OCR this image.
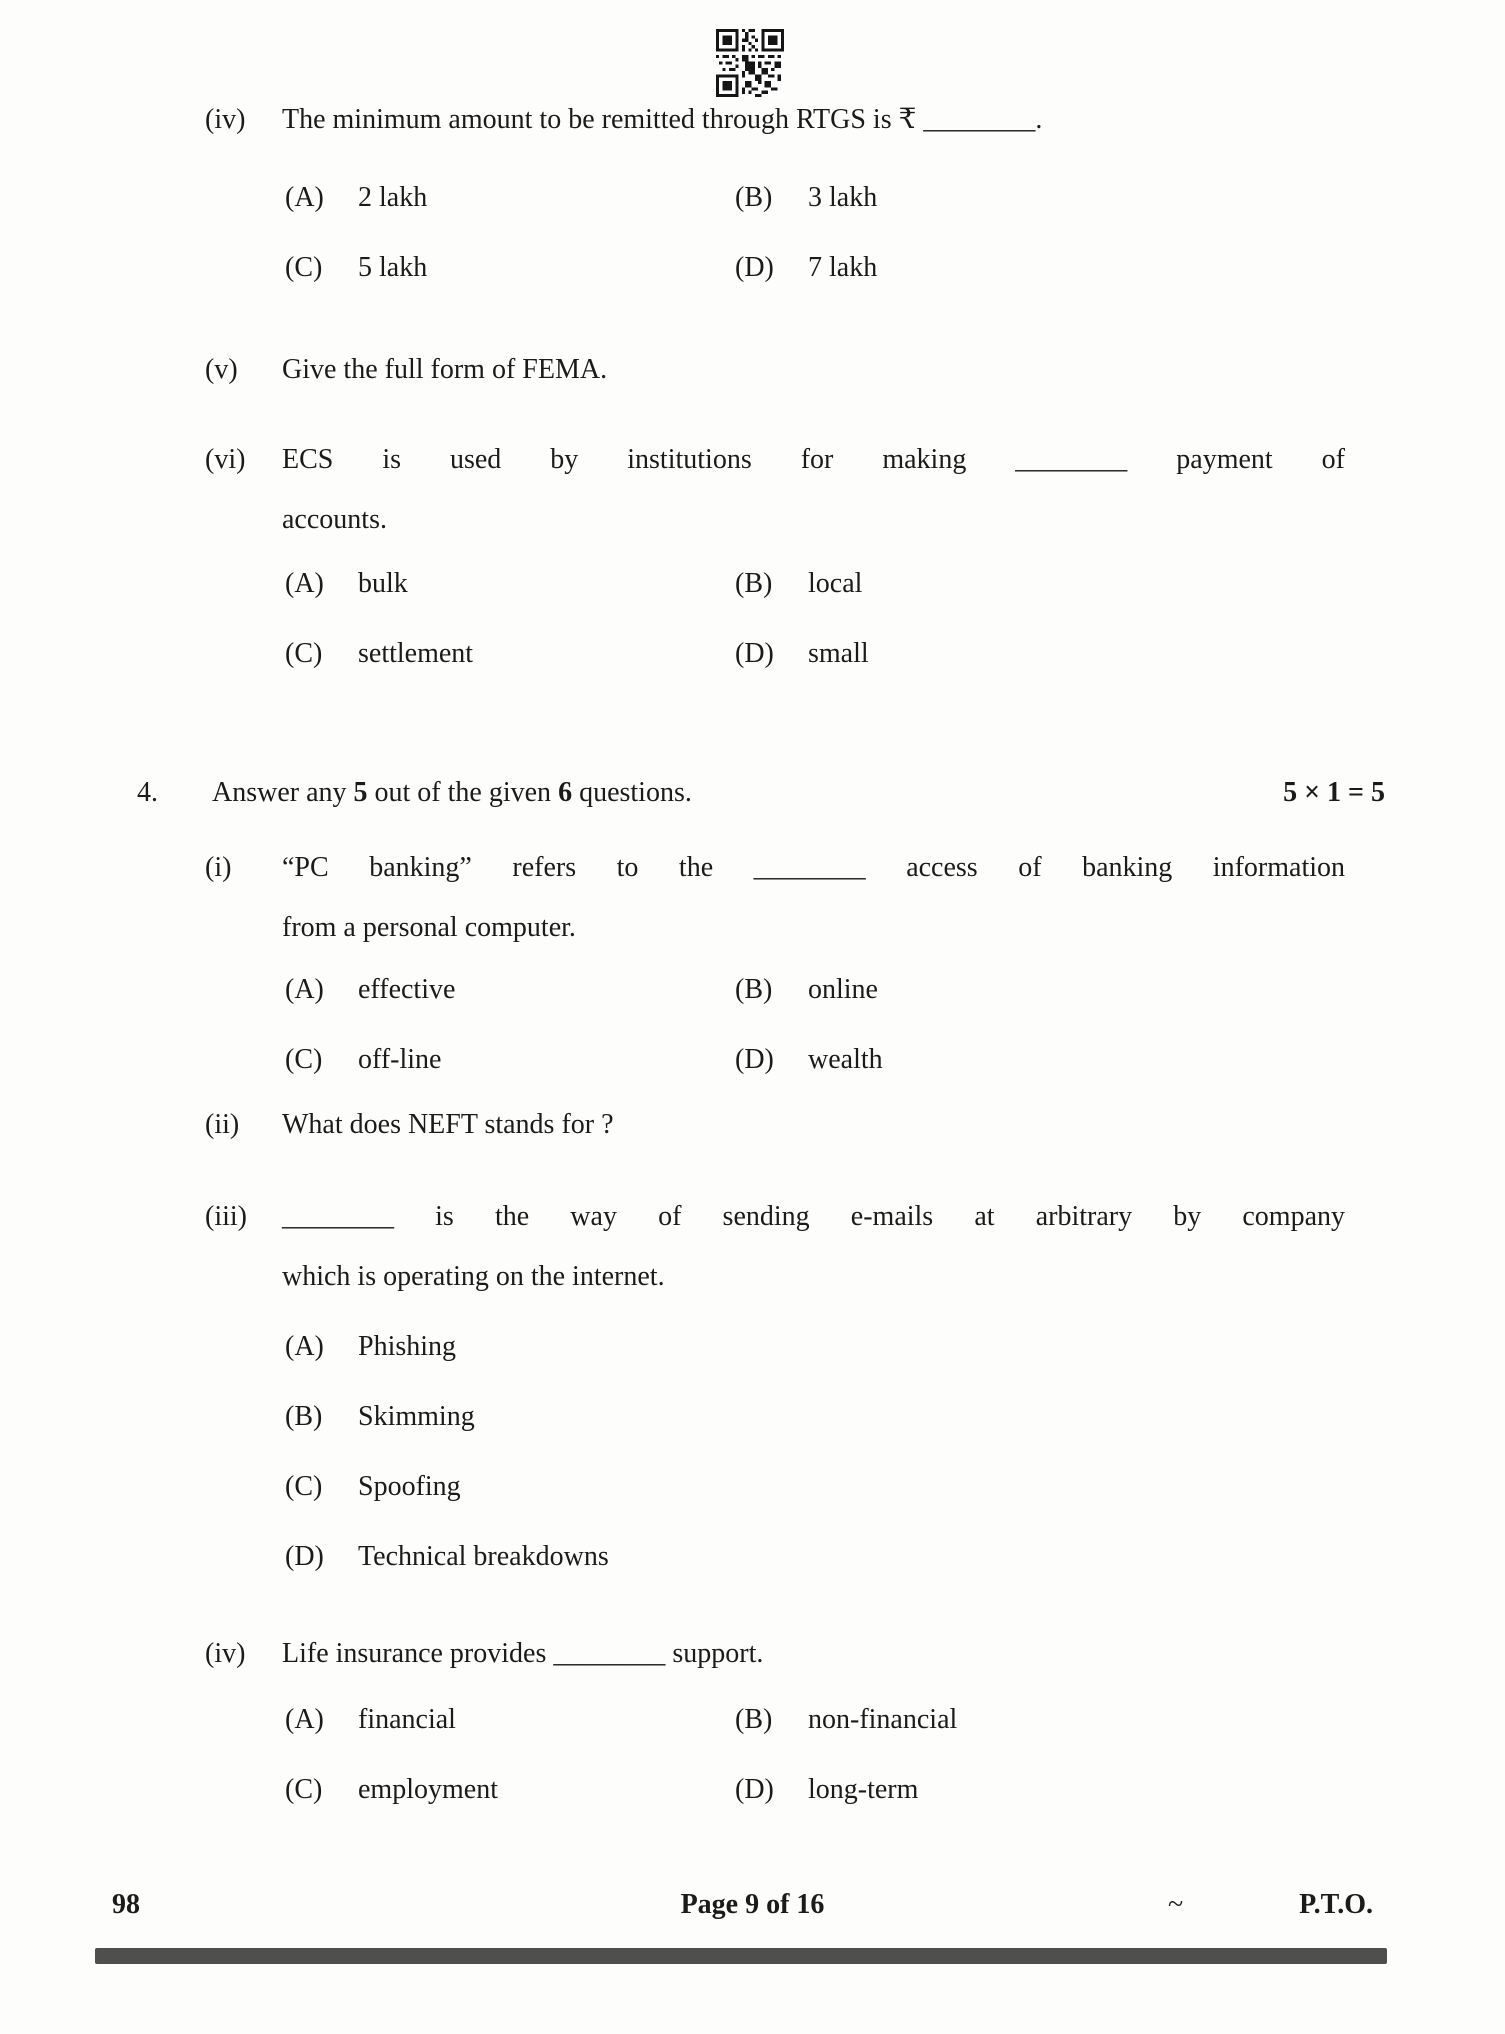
(iv) The minimum amount to be remitted through RTGS is ₹ ________.
(A)	2 lakh	(B)	3 lakh
(C)	5 lakh	(D)	7 lakh
(v) Give the full form of FEMA.
(vi) ECS is used by institutions for making ________ payment of
accounts.
(A)	bulk	(B)	local
(C)	settlement	(D)	small
4. Answer any 5 out of the given 6 questions.	5 × 1 = 5
(i) “PC banking” refers to the ________ access of banking information
from a personal computer.
(A)	effective	(B)	online
(C)	off-line	(D)	wealth
(ii) What does NEFT stands for ?
(iii) ________ is the way of sending e-mails at arbitrary by company
which is operating on the internet.
(A)	Phishing
(B)	Skimming
(C)	Spoofing
(D)	Technical breakdowns
(iv) Life insurance provides ________ support.
(A)	financial	(B)	non-financial
(C)	employment	(D)	long-term
98	Page 9 of 16	~	P.T.O.
